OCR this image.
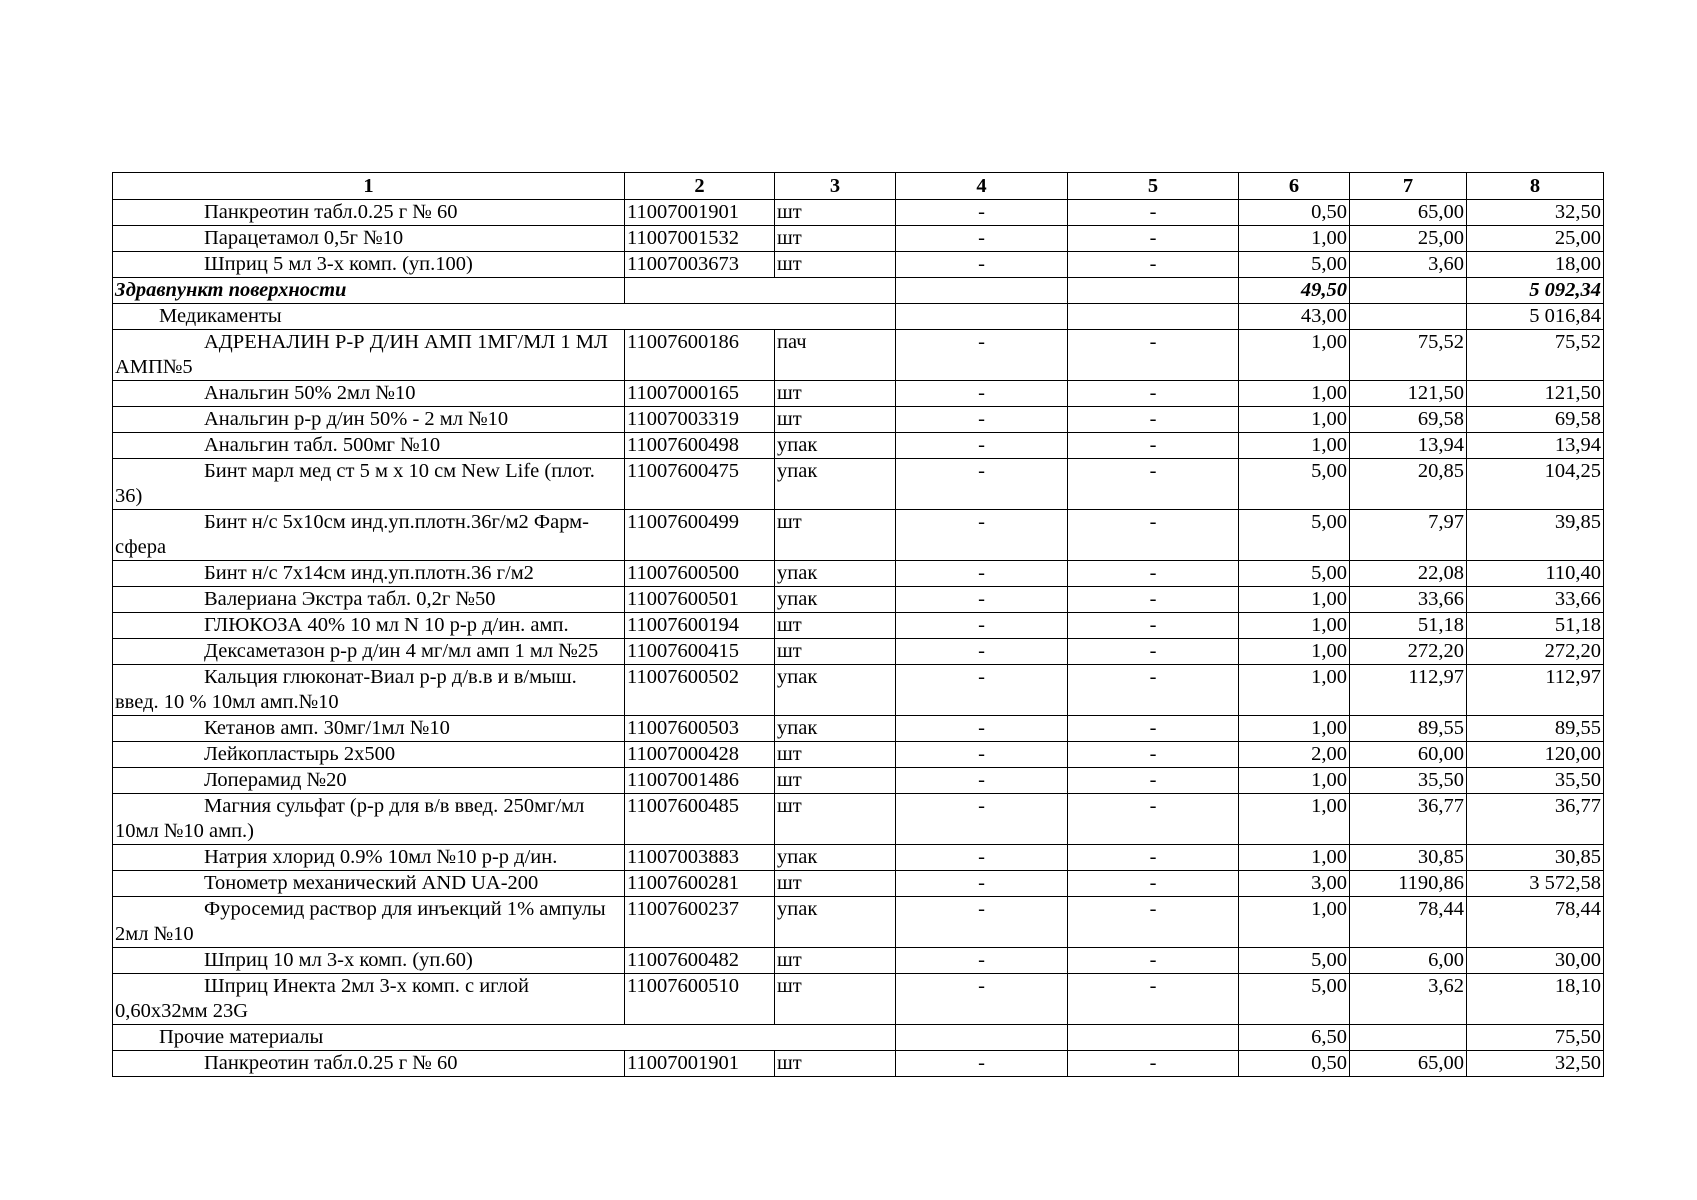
1	2	3	4	5	6	7	8
Панкреотин табл.0.25 г № 60	11007001901	шт	-	-	0,50	65,00	32,50
Парацетамол 0,5г №10	11007001532	шт	-	-	1,00	25,00	25,00
Шприц 5 мл 3-х комп. (уп.100)	11007003673	шт	-	-	5,00	3,60	18,00
Здравпункт поверхности					49,50		5 092,34
Медикаменты					43,00		5 016,84
АДРЕНАЛИН Р-Р Д/ИН АМП 1МГ/МЛ 1 МЛ АМП№5	11007600186	пач	-	-	1,00	75,52	75,52
Анальгин 50% 2мл №10	11007000165	шт	-	-	1,00	121,50	121,50
Анальгин р-р д/ин 50% - 2 мл №10	11007003319	шт	-	-	1,00	69,58	69,58
Анальгин табл. 500мг №10	11007600498	упак	-	-	1,00	13,94	13,94
Бинт марл мед ст 5 м х 10 см New Life (плот. 36)	11007600475	упак	-	-	5,00	20,85	104,25
Бинт н/с 5х10см инд.уп.плотн.36г/м2 Фарм-сфера	11007600499	шт	-	-	5,00	7,97	39,85
Бинт н/с 7х14см инд.уп.плотн.36 г/м2	11007600500	упак	-	-	5,00	22,08	110,40
Валериана Экстра табл. 0,2г №50	11007600501	упак	-	-	1,00	33,66	33,66
ГЛЮКОЗА 40% 10 мл N 10 р-р д/ин. амп.	11007600194	шт	-	-	1,00	51,18	51,18
Дексаметазон р-р д/ин 4 мг/мл амп 1 мл №25	11007600415	шт	-	-	1,00	272,20	272,20
Кальция глюконат-Виал р-р д/в.в и в/мыш. введ. 10 % 10мл амп.№10	11007600502	упак	-	-	1,00	112,97	112,97
Кетанов амп. 30мг/1мл №10	11007600503	упак	-	-	1,00	89,55	89,55
Лейкопластырь 2х500	11007000428	шт	-	-	2,00	60,00	120,00
Лоперамид №20	11007001486	шт	-	-	1,00	35,50	35,50
Магния сульфат (р-р для в/в введ. 250мг/мл 10мл №10 амп.)	11007600485	шт	-	-	1,00	36,77	36,77
Натрия хлорид 0.9% 10мл №10 р-р д/ин.	11007003883	упак	-	-	1,00	30,85	30,85
Тонометр механический AND UA-200	11007600281	шт	-	-	3,00	1190,86	3 572,58
Фуросемид раствор для инъекций 1% ампулы 2мл №10	11007600237	упак	-	-	1,00	78,44	78,44
Шприц 10 мл 3-х комп. (уп.60)	11007600482	шт	-	-	5,00	6,00	30,00
Шприц Инекта 2мл 3-х комп. с иглой 0,60х32мм 23G	11007600510	шт	-	-	5,00	3,62	18,10
Прочие материалы					6,50		75,50
Панкреотин табл.0.25 г № 60	11007001901	шт	-	-	0,50	65,00	32,50
